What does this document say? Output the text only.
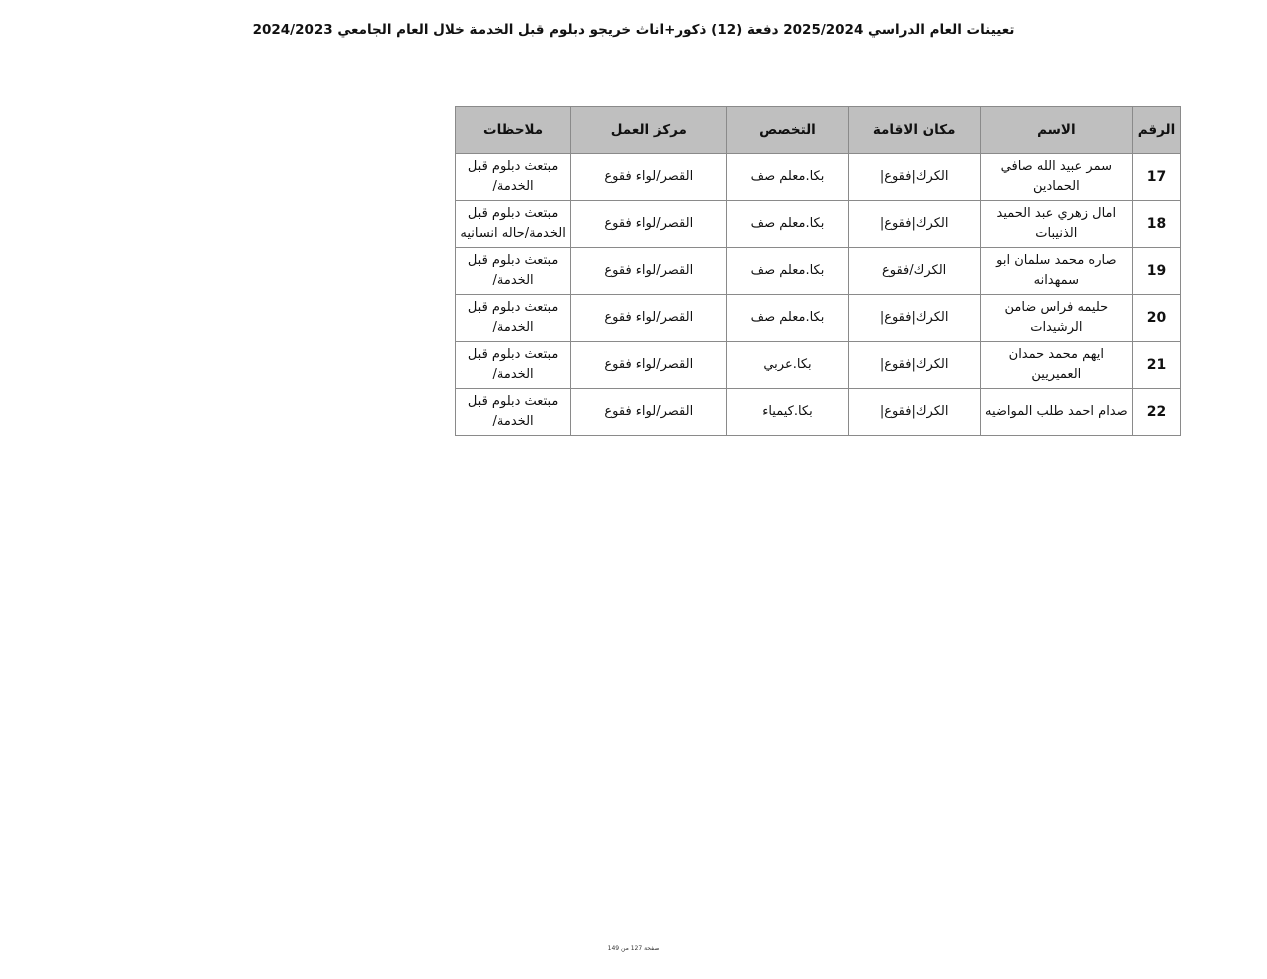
تعيينات العام الدراسي 2025/2024 دفعة (12) ذكور+اناث خريجو دبلوم قبل الخدمة خلال العام الجامعي 2024/2023
الرقم	الاسم	مكان الاقامة	التخصص	مركز العمل	ملاحظات
17	سمر عبيد الله صافي الحمادين	الكرك|فقوع|	بكا.معلم صف	القصر/لواء فقوع	مبتعث دبلوم قبل الخدمة/
18	امال زهري عبد الحميد الذنيبات	الكرك|فقوع|	بكا.معلم صف	القصر/لواء فقوع	مبتعث دبلوم قبل الخدمة/حاله انسانيه
19	صاره محمد سلمان ابو سمهدانه	الكرك/فقوع	بكا.معلم صف	القصر/لواء فقوع	مبتعث دبلوم قبل الخدمة/
20	حليمه فراس ضامن الرشيدات	الكرك|فقوع|	بكا.معلم صف	القصر/لواء فقوع	مبتعث دبلوم قبل الخدمة/
21	ايهم محمد حمدان العميريين	الكرك|فقوع|	بكا.عربي	القصر/لواء فقوع	مبتعث دبلوم قبل الخدمة/
22	صدام احمد طلب المواضيه	الكرك|فقوع|	بكا.كيمياء	القصر/لواء فقوع	مبتعث دبلوم قبل الخدمة/
صفحة 127 من 149
